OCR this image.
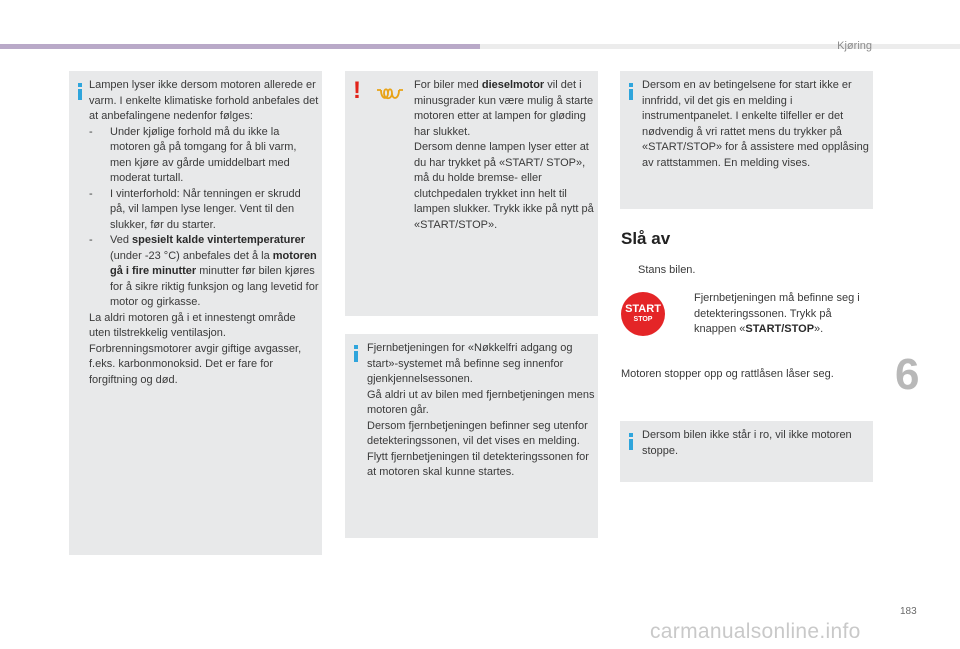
Kjøring
6
183
carmanualsonline.info

Lampen lyser ikke dersom motoren allerede er varm. I enkelte klimatiske forhold anbefales det at anbefalingene nedenfor følges:

- Under kjølige forhold må du ikke la motoren gå på tomgang for å bli varm, men kjøre av gårde umiddelbart med moderat turtall.
- I vinterforhold: Når tenningen er skrudd på, vil lampen lyse lenger. Vent til den slukker, før du starter.
- Ved spesielt kalde vintertemperaturer (under -23 °C) anbefales det å la motoren gå i fire minutter minutter før bilen kjøres for å sikre riktig funksjon og lang levetid for motor og girkasse.

La aldri motoren gå i et innestengt område uten tilstrekkelig ventilasjon. Forbrenningsmotorer avgir giftige avgasser, f.eks. karbonmonoksid. Det er fare for forgiftning og død.

!	For biler med dieselmotor vil det i minusgrader kun være mulig å starte motoren etter at lampen for gløding har slukket.

Dersom denne lampen lyser etter at du har trykket på «START/ STOP», må du holde bremse- eller clutchpedalen trykket inn helt til lampen slukker. Trykk ikke på nytt på «START/STOP».

Fjernbetjeningen for «Nøkkelfri adgang og start»-systemet må befinne seg innenfor gjenkjennelsessonen.

Gå aldri ut av bilen med fjernbetjeningen mens motoren går.

Dersom fjernbetjeningen befinner seg utenfor detekteringssonen, vil det vises en melding.

Flytt fjernbetjeningen til detekteringssonen for at motoren skal kunne startes.

Dersom en av betingelsene for start ikke er innfridd, vil det gis en melding i instrumentpanelet. I enkelte tilfeller er det nødvendig å vri rattet mens du trykker på «START/STOP» for å assistere med opplåsing av rattstammen. En melding vises.

Slå av
Stans bilen.
START
STOP
Fjernbetjeningen må befinne seg i detekteringssonen. Trykk på knappen «START/STOP».
Motoren stopper opp og rattlåsen låser seg.

Dersom bilen ikke står i ro, vil ikke motoren stoppe.
